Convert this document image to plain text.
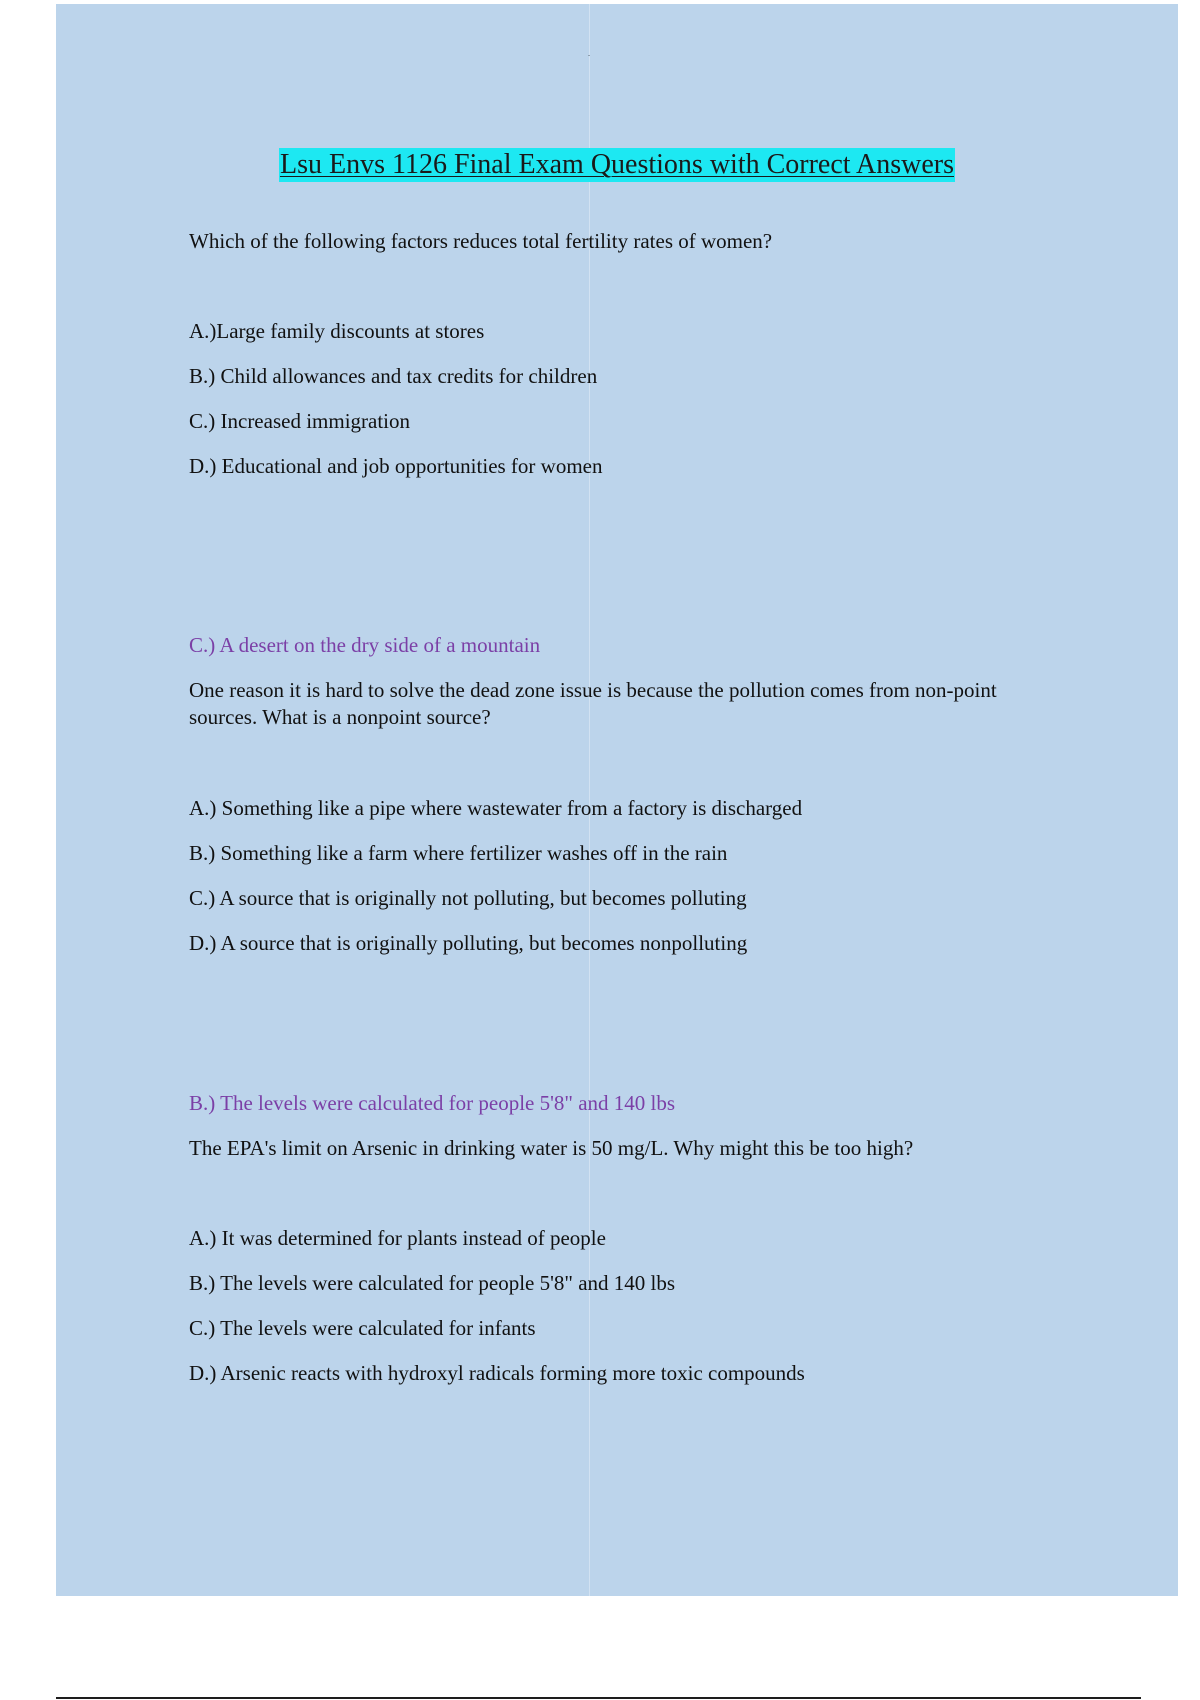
Lsu Envs 1126 Final Exam Questions with Correct Answers
Which of the following factors reduces total fertility rates of women?
A.)Large family discounts at stores
B.) Child allowances and tax credits for children
C.) Increased immigration
D.) Educational and job opportunities for women
C.) A desert on the dry side of a mountain
One reason it is hard to solve the dead zone issue is because the pollution comes from non-point sources. What is a nonpoint source?
A.) Something like a pipe where wastewater from a factory is discharged
B.) Something like a farm where fertilizer washes off in the rain
C.) A source that is originally not polluting, but becomes polluting
D.) A source that is originally polluting, but becomes nonpolluting
B.) The levels were calculated for people 5'8" and 140 lbs
The EPA's limit on Arsenic in drinking water is 50 mg/L. Why might this be too high?
A.) It was determined for plants instead of people
B.) The levels were calculated for people 5'8" and 140 lbs
C.) The levels were calculated for infants
D.) Arsenic reacts with hydroxyl radicals forming more toxic compounds
